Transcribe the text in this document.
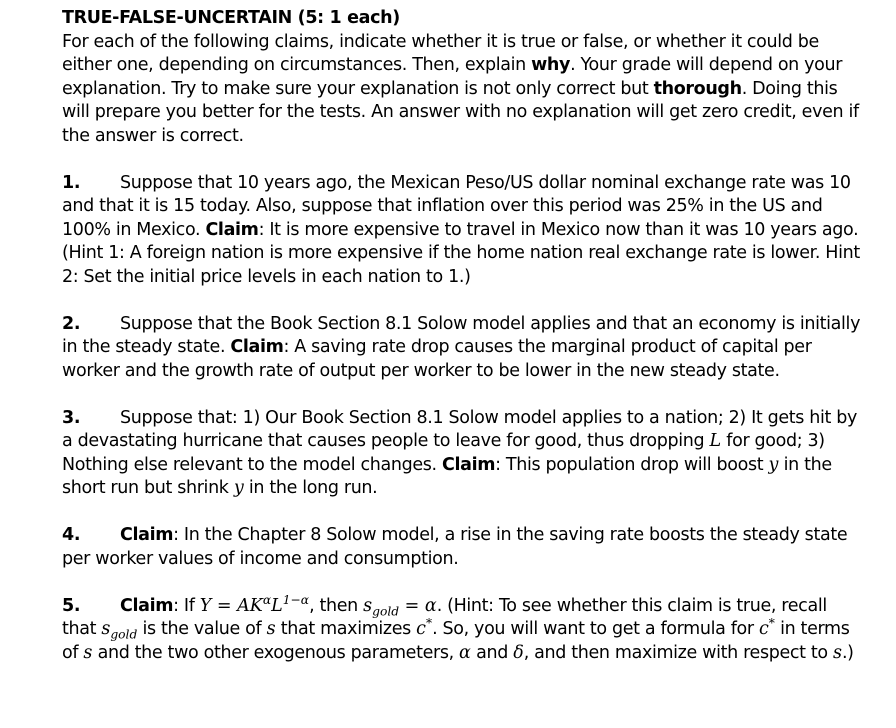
TRUE-FALSE-UNCERTAIN (5: 1 each)

For each of the following claims, indicate whether it is true or false, or whether it could be either one, depending on circumstances. Then, explain why. Your grade will depend on your explanation. Try to make sure your explanation is not only correct but thorough. Doing this will prepare you better for the tests. An answer with no explanation will get zero credit, even if the answer is correct.

1. Suppose that 10 years ago, the Mexican Peso/US dollar nominal exchange rate was 10 and that it is 15 today. Also, suppose that inflation over this period was 25% in the US and 100% in Mexico. Claim: It is more expensive to travel in Mexico now than it was 10 years ago. (Hint 1: A foreign nation is more expensive if the home nation real exchange rate is lower. Hint 2: Set the initial price levels in each nation to 1.)

2. Suppose that the Book Section 8.1 Solow model applies and that an economy is initially in the steady state. Claim: A saving rate drop causes the marginal product of capital per worker and the growth rate of output per worker to be lower in the new steady state.

3. Suppose that: 1) Our Book Section 8.1 Solow model applies to a nation; 2) It gets hit by a devastating hurricane that causes people to leave for good, thus dropping L for good; 3) Nothing else relevant to the model changes. Claim: This population drop will boost y in the short run but shrink y in the long run.

4. Claim: In the Chapter 8 Solow model, a rise in the saving rate boosts the steady state per worker values of income and consumption.

5. Claim: If $Y = AK^\alpha L^{1-\alpha}$, then $s_{gold} = \alpha$. (Hint: To see whether this claim is true, recall that $s_{gold}$ is the value of s that maximizes c*. So, you will want to get a formula for c* in terms of s and the two other exogenous parameters, α and δ, and then maximize with respect to s.)
